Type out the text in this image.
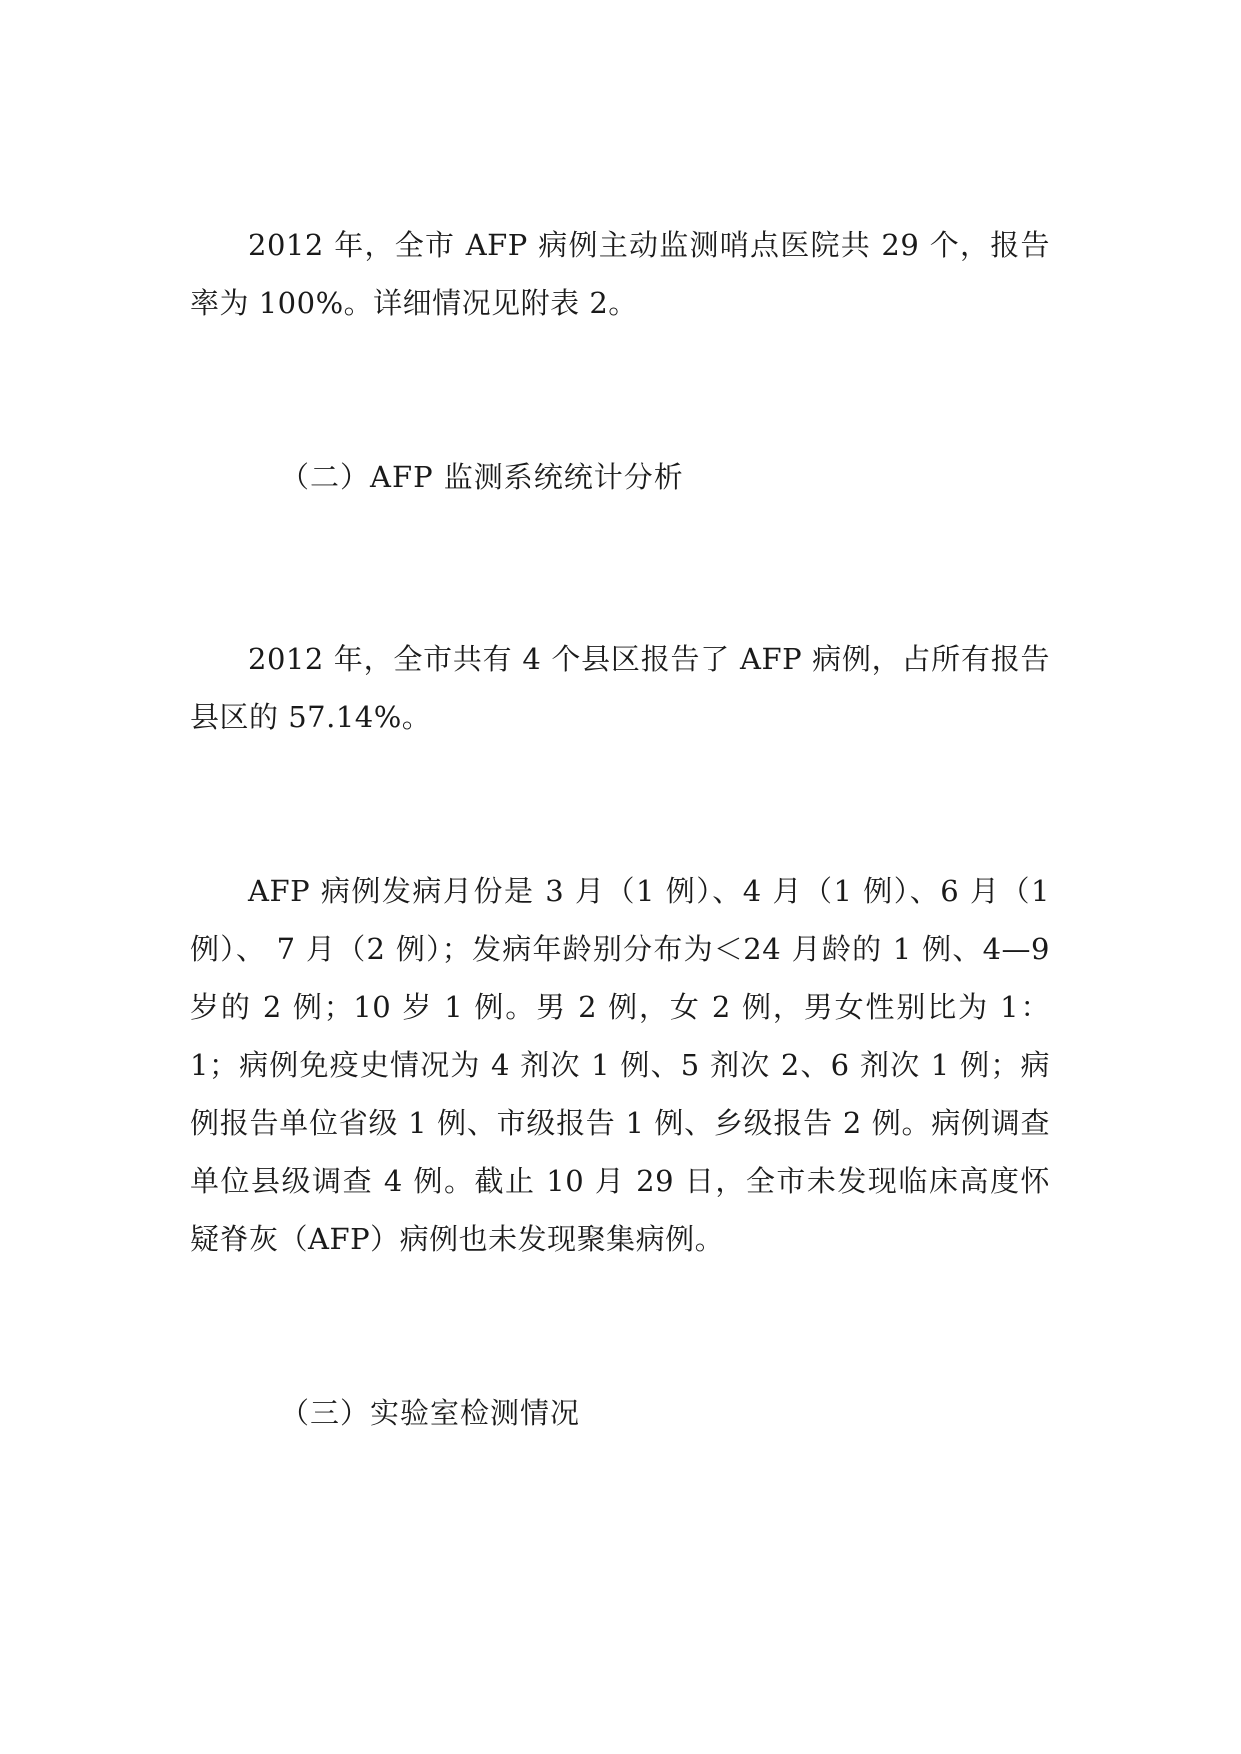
2012 年，全市 AFP 病例主动监测哨点医院共 29 个，报告率为 100%。详细情况见附表 2。

（二）AFP 监测系统统计分析

2012 年，全市共有 4 个县区报告了 AFP 病例，占所有报告县区的 57.14%。

AFP 病例发病月份是 3 月（1 例）、4 月（1 例）、6 月（1 例）、 7 月（2 例）；发病年龄别分布为＜24 月龄的 1 例、4—9 岁的 2 例；10 岁 1 例。男 2 例，女 2 例，男女性别比为 1：1；病例免疫史情况为 4 剂次 1 例、5 剂次 2、6 剂次 1 例；病例报告单位省级 1 例、市级报告 1 例、乡级报告 2 例。病例调查单位县级调查 4 例。截止 10 月 29 日，全市未发现临床高度怀疑脊灰（AFP）病例也未发现聚集病例。

（三）实验室检测情况
